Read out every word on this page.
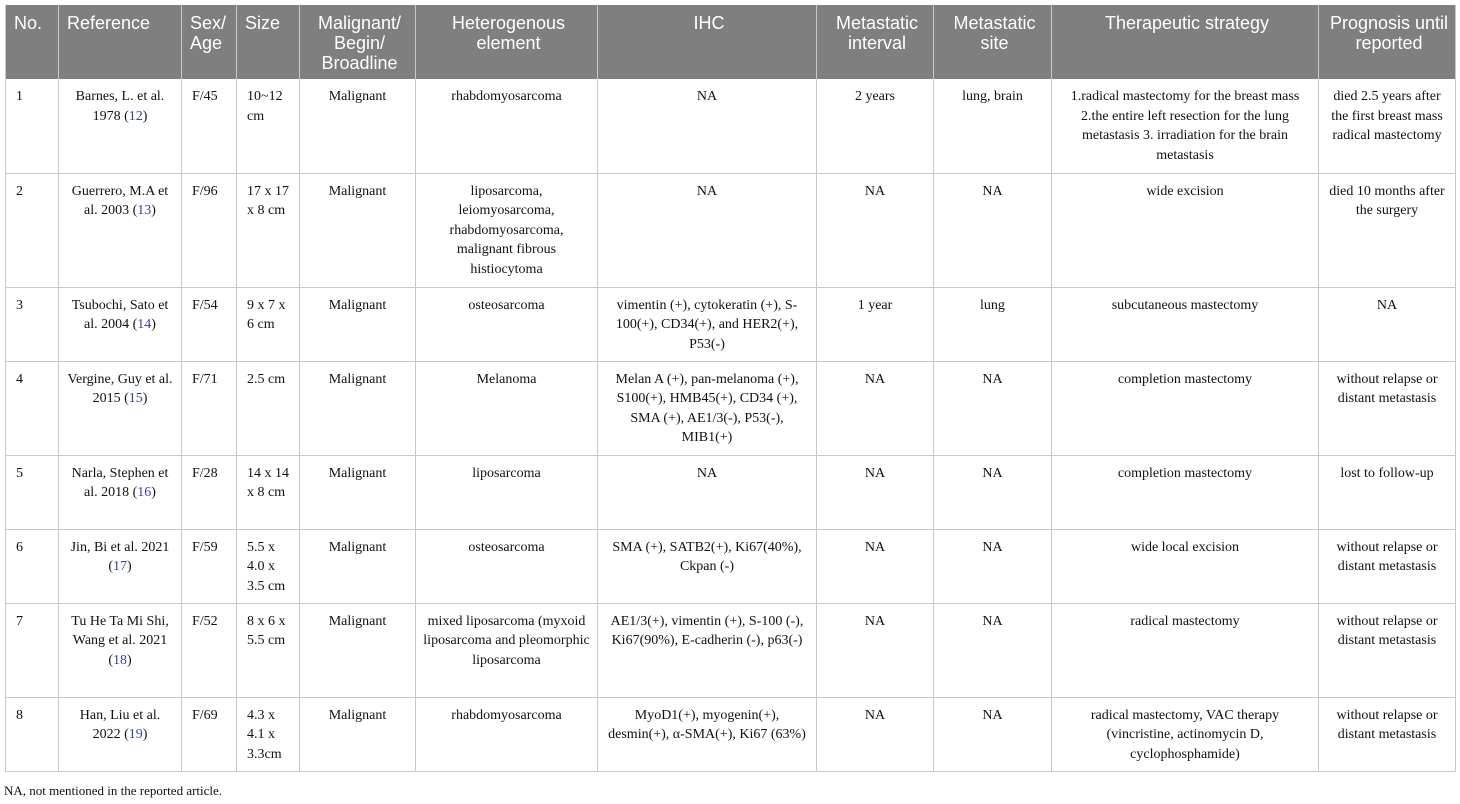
No.	Reference	Sex/ Age	Size	Malignant/ Begin/ Broadline	Heterogenous element	IHC	Metastatic interval	Metastatic site	Therapeutic strategy	Prognosis until reported
1	Barnes, L. et al. 1978 (12)	F/45	10~12 cm	Malignant	rhabdomyosarcoma	NA	2 years	lung, brain	1.radical mastectomy for the breast mass 2.the entire left resection for the lung metastasis 3. irradiation for the brain metastasis	died 2.5 years after the first breast mass radical mastectomy
2	Guerrero, M.A et al. 2003 (13)	F/96	17 x 17 x 8 cm	Malignant	liposarcoma, leiomyosarcoma, rhabdomyosarcoma, malignant fibrous histiocytoma	NA	NA	NA	wide excision	died 10 months after the surgery
3	Tsubochi, Sato et al. 2004 (14)	F/54	9 x 7 x 6 cm	Malignant	osteosarcoma	vimentin (+), cytokeratin (+), S-100(+), CD34(+), and HER2(+), P53(-)	1 year	lung	subcutaneous mastectomy	NA
4	Vergine, Guy et al. 2015 (15)	F/71	2.5 cm	Malignant	Melanoma	Melan A (+), pan-melanoma (+), S100(+), HMB45(+), CD34 (+), SMA (+), AE1/3(-), P53(-), MIB1(+)	NA	NA	completion mastectomy	without relapse or distant metastasis
5	Narla, Stephen et al. 2018 (16)	F/28	14 x 14 x 8 cm	Malignant	liposarcoma	NA	NA	NA	completion mastectomy	lost to follow-up
6	Jin, Bi et al. 2021 (17)	F/59	5.5 x 4.0 x 3.5 cm	Malignant	osteosarcoma	SMA (+), SATB2(+), Ki67(40%), Ckpan (-)	NA	NA	wide local excision	without relapse or distant metastasis
7	Tu He Ta Mi Shi, Wang et al. 2021 (18)	F/52	8 x 6 x 5.5 cm	Malignant	mixed liposarcoma (myxoid liposarcoma and pleomorphic liposarcoma	AE1/3(+), vimentin (+), S-100 (-), Ki67(90%), E-cadherin (-), p63(-)	NA	NA	radical mastectomy	without relapse or distant metastasis
8	Han, Liu et al. 2022 (19)	F/69	4.3 x 4.1 x 3.3cm	Malignant	rhabdomyosarcoma	MyoD1(+), myogenin(+), desmin(+), α-SMA(+), Ki67 (63%)	NA	NA	radical mastectomy, VAC therapy (vincristine, actinomycin D, cyclophosphamide)	without relapse or distant metastasis
NA, not mentioned in the reported article.
